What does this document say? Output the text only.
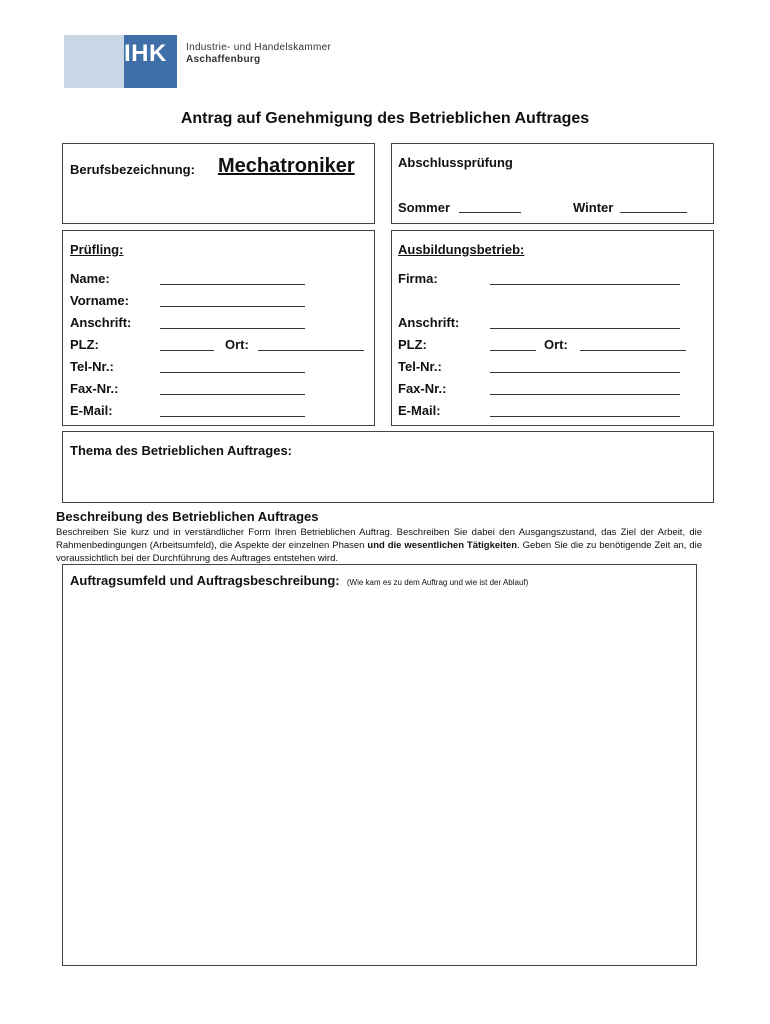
IHK Industrie- und Handelskammer
Aschaffenburg
Antrag auf Genehmigung des Betrieblichen Auftrages
Berufsbezeichnung: Mechatroniker	Abschlussprüfung
Sommer	Winter
Prüfling:
Name:
Vorname:
Anschrift:
PLZ:	Ort:
Tel-Nr.:
Fax-Nr.:
E-Mail:
Ausbildungsbetrieb:
Firma:
Anschrift:
PLZ:	Ort:
Tel-Nr.:
Fax-Nr.:
E-Mail:
Thema des Betrieblichen Auftrages:
Beschreibung des Betrieblichen Auftrages
Beschreiben Sie kurz und in verständlicher Form Ihren Betrieblichen Auftrag. Beschreiben Sie dabei den Ausgangszustand, das Ziel der Arbeit, die Rahmenbedingungen (Arbeitsumfeld), die Aspekte der einzelnen Phasen und die wesentlichen Tätigkeiten. Geben Sie die zu benötigende Zeit an, die voraussichtlich bei der Durchführung des Auftrages entstehen wird.
Auftragsumfeld und Auftragsbeschreibung: (Wie kam es zu dem Auftrag und wie ist der Ablauf)
